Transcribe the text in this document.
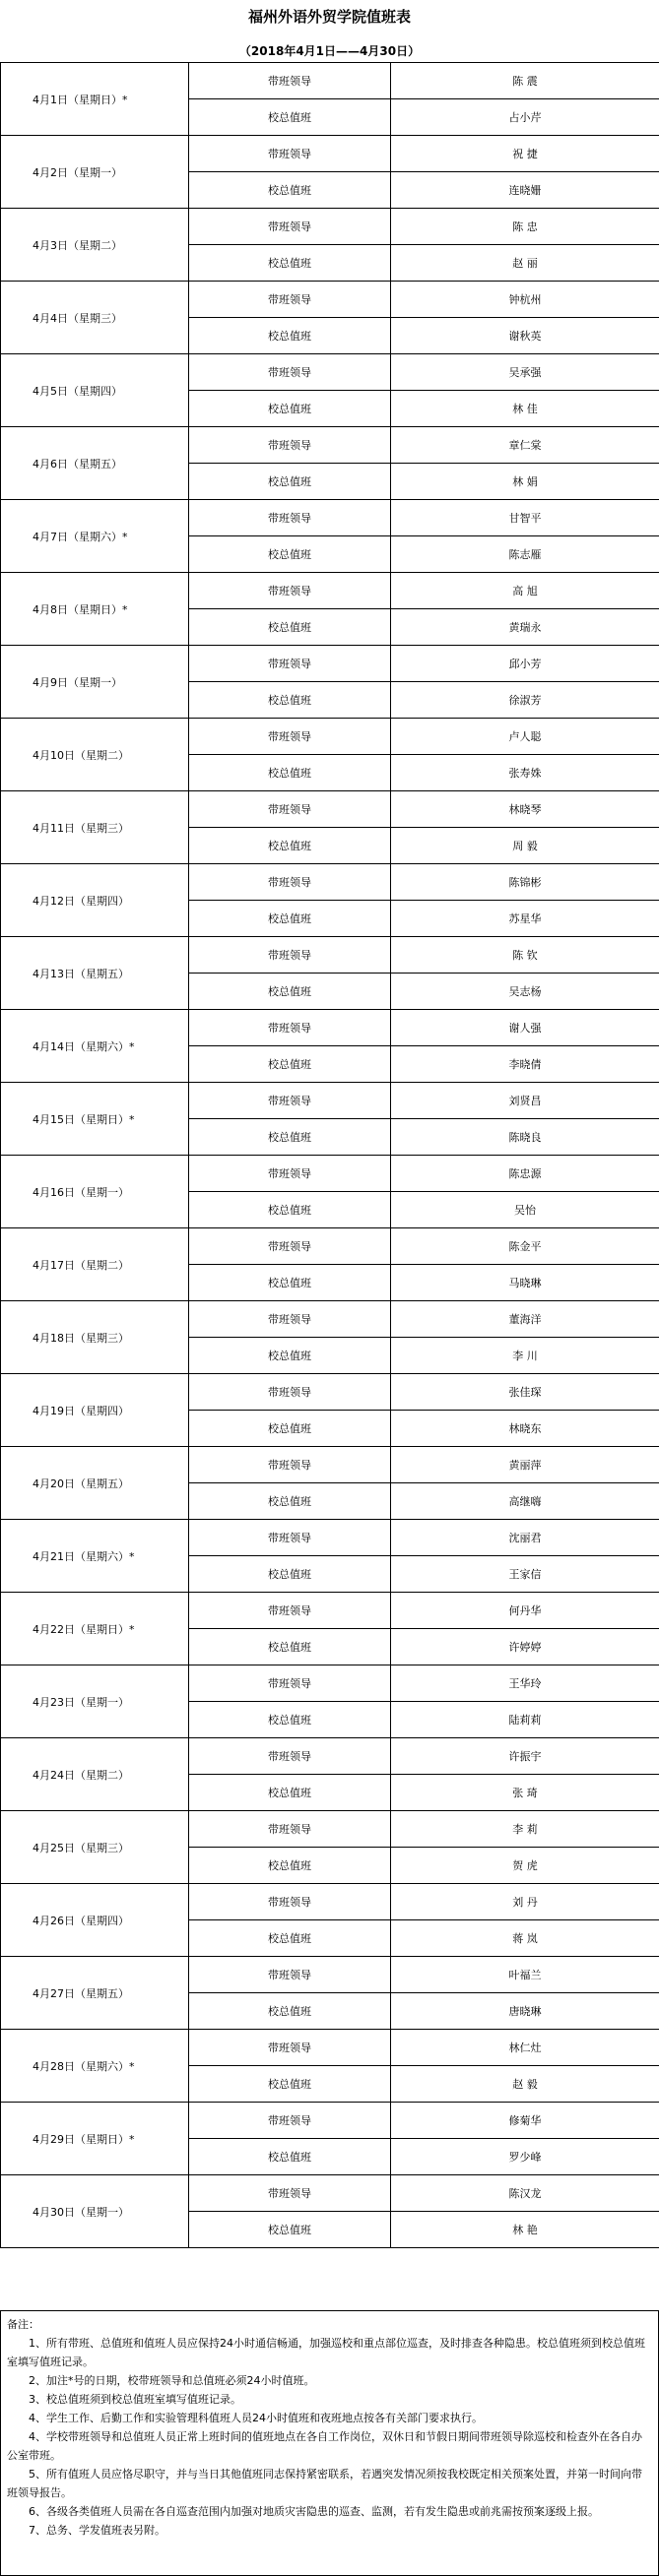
福州外语外贸学院值班表
（2018年4月1日——4月30日）
4月1日（星期日）*	带班领导	陈 震
	校总值班	占小芹
4月2日（星期一）	带班领导	祝 捷
	校总值班	连晓姗
4月3日（星期二）	带班领导	陈 忠
	校总值班	赵 丽
4月4日（星期三）	带班领导	钟杭州
	校总值班	谢秋英
4月5日（星期四）	带班领导	吴承强
	校总值班	林 佳
4月6日（星期五）	带班领导	章仁棠
	校总值班	林 娟
4月7日（星期六）*	带班领导	甘智平
	校总值班	陈志雁
4月8日（星期日）*	带班领导	高 旭
	校总值班	黄瑞永
4月9日（星期一）	带班领导	邱小芳
	校总值班	徐淑芳
4月10日（星期二）	带班领导	卢人聪
	校总值班	张寿姝
4月11日（星期三）	带班领导	林晓琴
	校总值班	周 毅
4月12日（星期四）	带班领导	陈锦彬
	校总值班	苏星华
4月13日（星期五）	带班领导	陈 钦
	校总值班	吴志杨
4月14日（星期六）*	带班领导	谢人强
	校总值班	李晓倩
4月15日（星期日）*	带班领导	刘贤昌
	校总值班	陈晓良
4月16日（星期一）	带班领导	陈忠源
	校总值班	吴怡
4月17日（星期二）	带班领导	陈金平
	校总值班	马晓琳
4月18日（星期三）	带班领导	董海洋
	校总值班	李 川
4月19日（星期四）	带班领导	张佳琛
	校总值班	林晓东
4月20日（星期五）	带班领导	黄丽萍
	校总值班	高继嗨
4月21日（星期六）*	带班领导	沈丽君
	校总值班	王家信
4月22日（星期日）*	带班领导	何丹华
	校总值班	许婷婷
4月23日（星期一）	带班领导	王华玲
	校总值班	陆莉莉
4月24日（星期二）	带班领导	许振宇
	校总值班	张 琦
4月25日（星期三）	带班领导	李 莉
	校总值班	贺 虎
4月26日（星期四）	带班领导	刘 丹
	校总值班	蒋 岚
4月27日（星期五）	带班领导	叶福兰
	校总值班	唐晓琳
4月28日（星期六）*	带班领导	林仁灶
	校总值班	赵 毅
4月29日（星期日）*	带班领导	修菊华
	校总值班	罗少峰
4月30日（星期一）	带班领导	陈汉龙
	校总值班	林 艳

备注：

1、所有带班、总值班和值班人员应保持24小时通信畅通，加强巡校和重点部位巡查，及时排查各种隐患。校总值班须到校总值班室填写值班记录。

2、加注*号的日期，校带班领导和总值班必须24小时值班。

3、校总值班须到校总值班室填写值班记录。

4、学生工作、后勤工作和实验管理科值班人员24小时值班和夜班地点按各有关部门要求执行。

4、学校带班领导和总值班人员正常上班时间的值班地点在各自工作岗位，双休日和节假日期间带班领导除巡校和检查外在各自办公室带班。

5、所有值班人员应恪尽职守，并与当日其他值班同志保持紧密联系，若遇突发情况须按我校既定相关预案处置，并第一时间向带班领导报告。

6、各级各类值班人员需在各自巡查范围内加强对地质灾害隐患的巡查、监测，若有发生隐患或前兆需按预案逐级上报。

7、总务、学发值班表另附。
